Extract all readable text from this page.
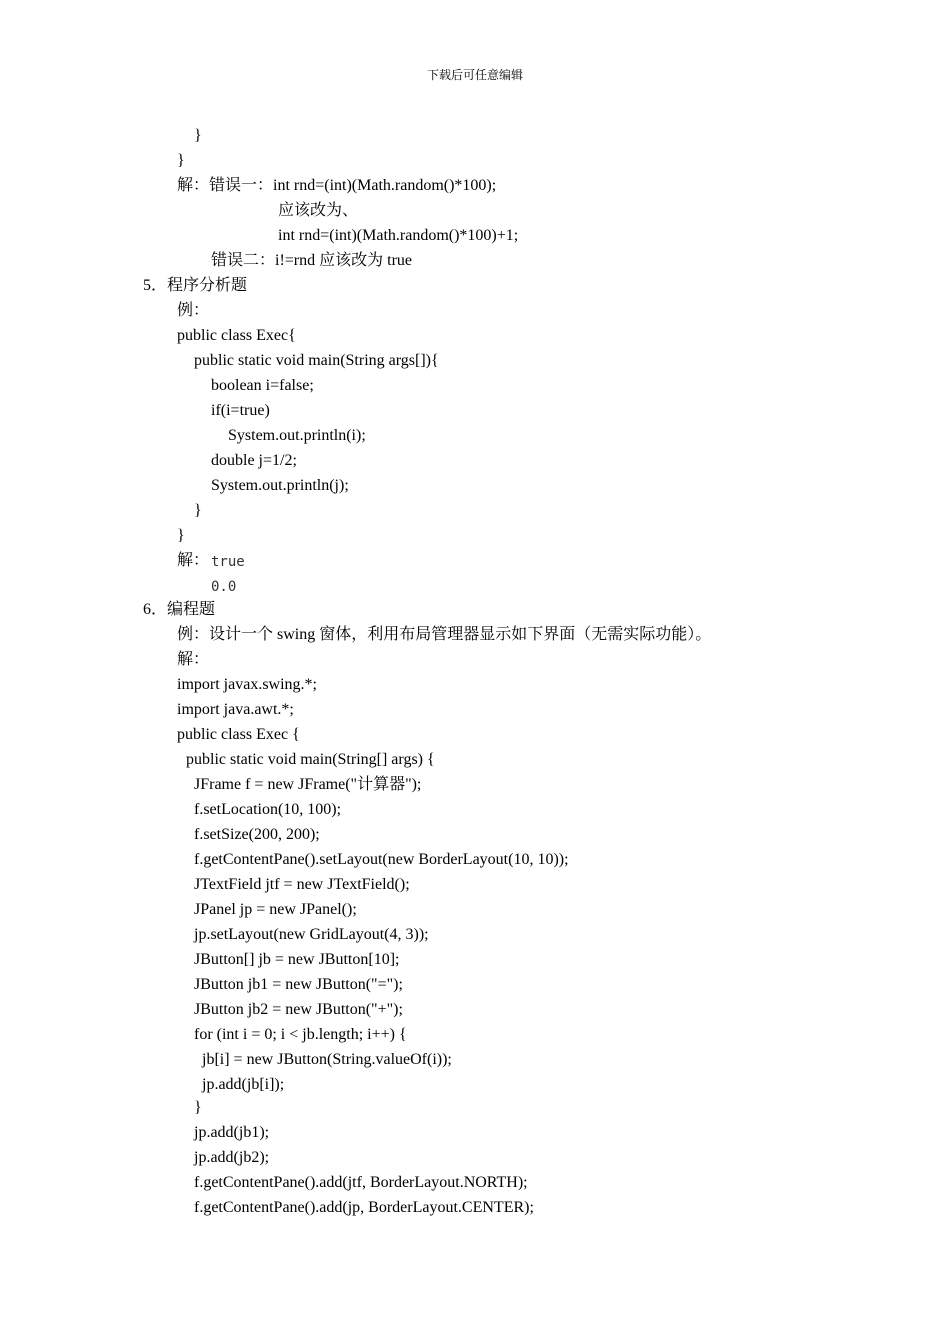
下载后可任意编辑
}
}
解：错误一：int rnd=(int)(Math.random()*100);
应该改为、
int rnd=(int)(Math.random()*100)+1;
错误二：i!=rnd 应该改为 true
5．程序分析题
例：
public class Exec{
public static void main(String args[]){
boolean i=false;
if(i=true)
System.out.println(i);
double j=1/2;
System.out.println(j);
}
}
解： true
0.0
6．编程题
例：设计一个 swing 窗体，利用布局管理器显示如下界面（无需实际功能）。
解：
import javax.swing.*;
import java.awt.*;
public class Exec {
public static void main(String[] args) {
JFrame f = new JFrame("计算器");
f.setLocation(10, 100);
f.setSize(200, 200);
f.getContentPane().setLayout(new BorderLayout(10, 10));
JTextField jtf = new JTextField();
JPanel jp = new JPanel();
jp.setLayout(new GridLayout(4, 3));
JButton[] jb = new JButton[10];
JButton jb1 = new JButton("=");
JButton jb2 = new JButton("+");
for (int i = 0; i < jb.length; i++) {
jb[i] = new JButton(String.valueOf(i));
jp.add(jb[i]);
}
jp.add(jb1);
jp.add(jb2);
f.getContentPane().add(jtf, BorderLayout.NORTH);
f.getContentPane().add(jp, BorderLayout.CENTER);
